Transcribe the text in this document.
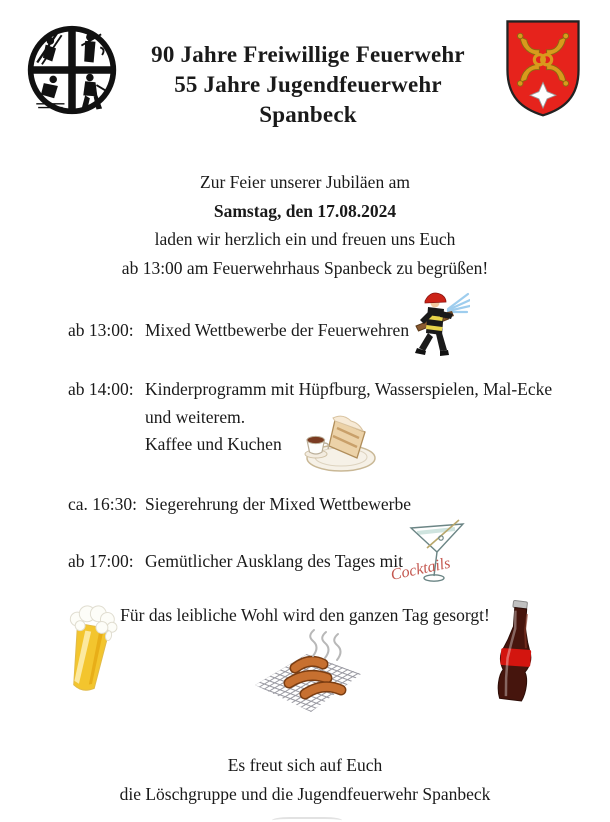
90 Jahre Freiwillige Feuerwehr
55 Jahre Jugendfeuerwehr
Spanbeck
Zur Feier unserer Jubiläen am
Samstag, den 17.08.2024
laden wir herzlich ein und freuen uns Euch
ab 13:00 am Feuerwehrhaus Spanbeck zu begrüßen!
ab 13:00: Mixed Wettbewerbe der Feuerwehren
ab 14:00: Kinderprogramm mit Hüpfburg, Wasserspielen, Mal-Ecke
und weiterem.
Kaffee und Kuchen
ca. 16:30: Siegerehrung der Mixed Wettbewerbe
ab 17:00: Gemütlicher Ausklang des Tages mit
Cocktails
Für das leibliche Wohl wird den ganzen Tag gesorgt!
Es freut sich auf Euch
die Löschgruppe und die Jugendfeuerwehr Spanbeck
